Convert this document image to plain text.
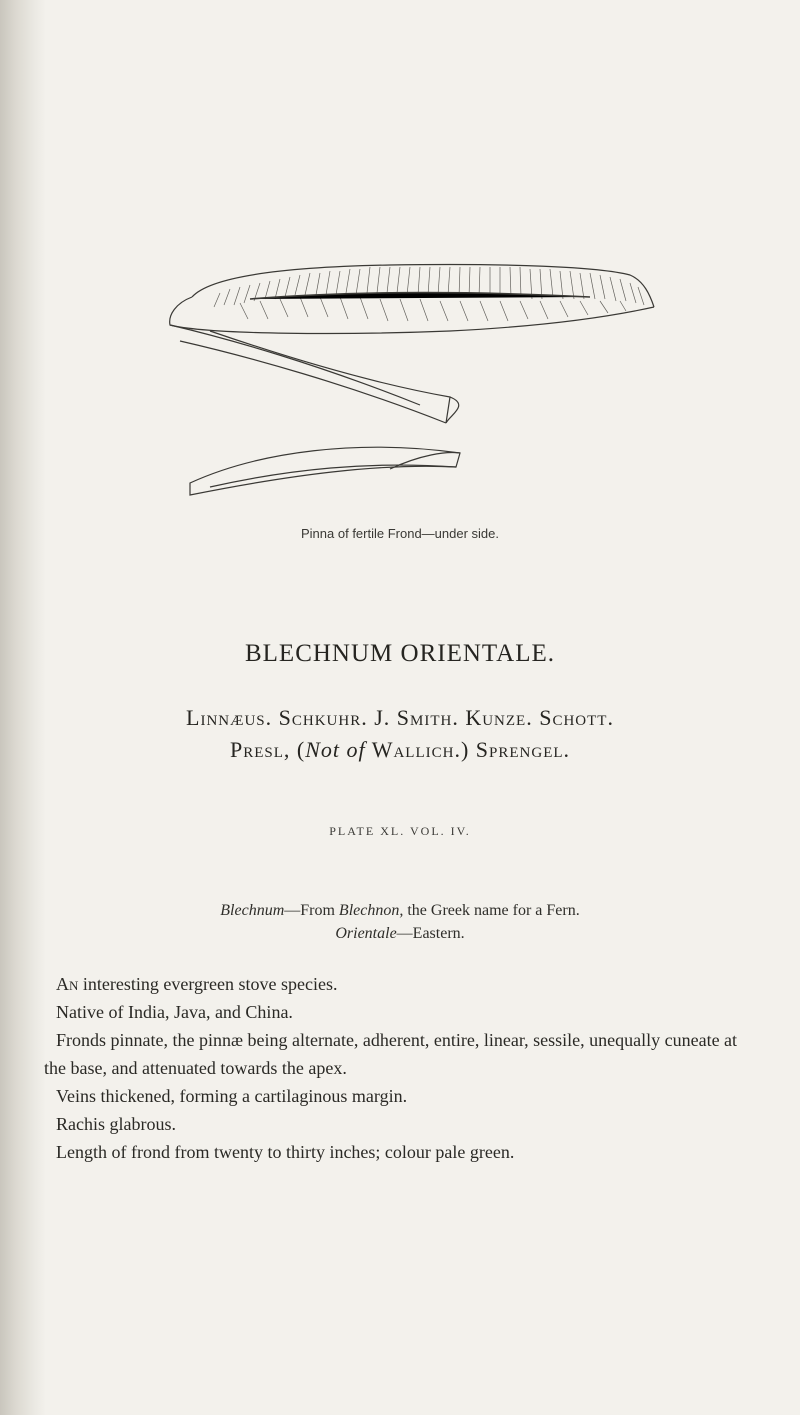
Pinna of fertile Frond—under side.
BLECHNUM ORIENTALE.
Linnæus. Schkuhr. J. Smith. Kunze. Schott.
Presl, (Not of Wallich.) Sprengel.
PLATE XL. VOL. IV.
Blechnum—From Blechnon, the Greek name for a Fern.
Orientale—Eastern.

An interesting evergreen stove species.

Native of India, Java, and China.

Fronds pinnate, the pinnæ being alternate, adherent, entire, linear, sessile, unequally cuneate at the base, and attenuated towards the apex.

Veins thickened, forming a cartilaginous margin.

Rachis glabrous.

Length of frond from twenty to thirty inches; colour pale green.
